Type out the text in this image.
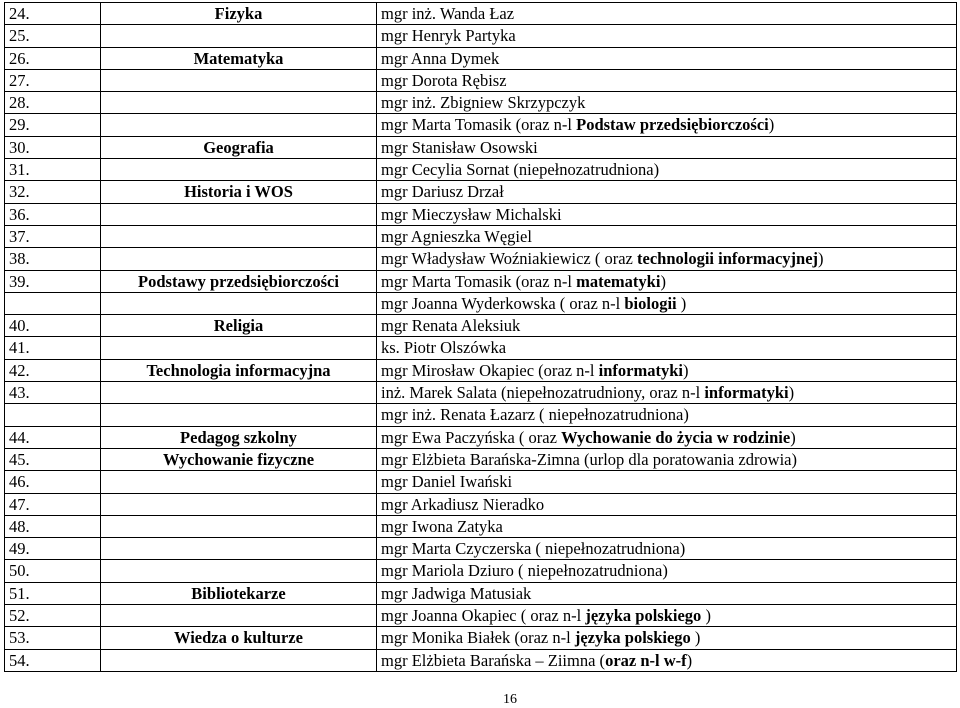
24.	Fizyka	mgr inż. Wanda Łaz
25.		mgr Henryk Partyka
26.	Matematyka	mgr Anna Dymek
27.		mgr Dorota Rębisz
28.		mgr inż. Zbigniew Skrzypczyk
29.		mgr Marta Tomasik (oraz n-l Podstaw przedsiębiorczości)
30.	Geografia	mgr Stanisław Osowski
31.		mgr Cecylia Sornat (niepełnozatrudniona)
32.	Historia i WOS	mgr Dariusz Drzał
36.		mgr Mieczysław Michalski
37.		mgr Agnieszka Węgiel
38.		mgr Władysław Woźniakiewicz ( oraz technologii informacyjnej)
39.	Podstawy przedsiębiorczości	mgr Marta Tomasik (oraz n-l matematyki)
		mgr Joanna Wyderkowska ( oraz n-l biologii )
40.	Religia	mgr Renata Aleksiuk
41.		ks. Piotr Olszówka
42.	Technologia informacyjna	mgr Mirosław Okapiec (oraz n-l informatyki)
43.		inż. Marek Salata (niepełnozatrudniony, oraz n-l informatyki)
		mgr inż. Renata Łazarz ( niepełnozatrudniona)
44.	Pedagog szkolny	mgr Ewa Paczyńska ( oraz Wychowanie do życia w rodzinie)
45.	Wychowanie fizyczne	mgr Elżbieta Barańska-Zimna (urlop dla poratowania zdrowia)
46.		mgr Daniel Iwański
47.		mgr Arkadiusz Nieradko
48.		mgr Iwona Zatyka
49.		mgr Marta Czyczerska ( niepełnozatrudniona)
50.		mgr Mariola Dziuro ( niepełnozatrudniona)
51.	Bibliotekarze	mgr Jadwiga Matusiak
52.		mgr Joanna Okapiec ( oraz n-l języka polskiego )
53.	Wiedza o kulturze	mgr Monika Białek (oraz n-l języka polskiego )
54.		mgr Elżbieta Barańska – Ziimna (oraz n-l w-f)
16
